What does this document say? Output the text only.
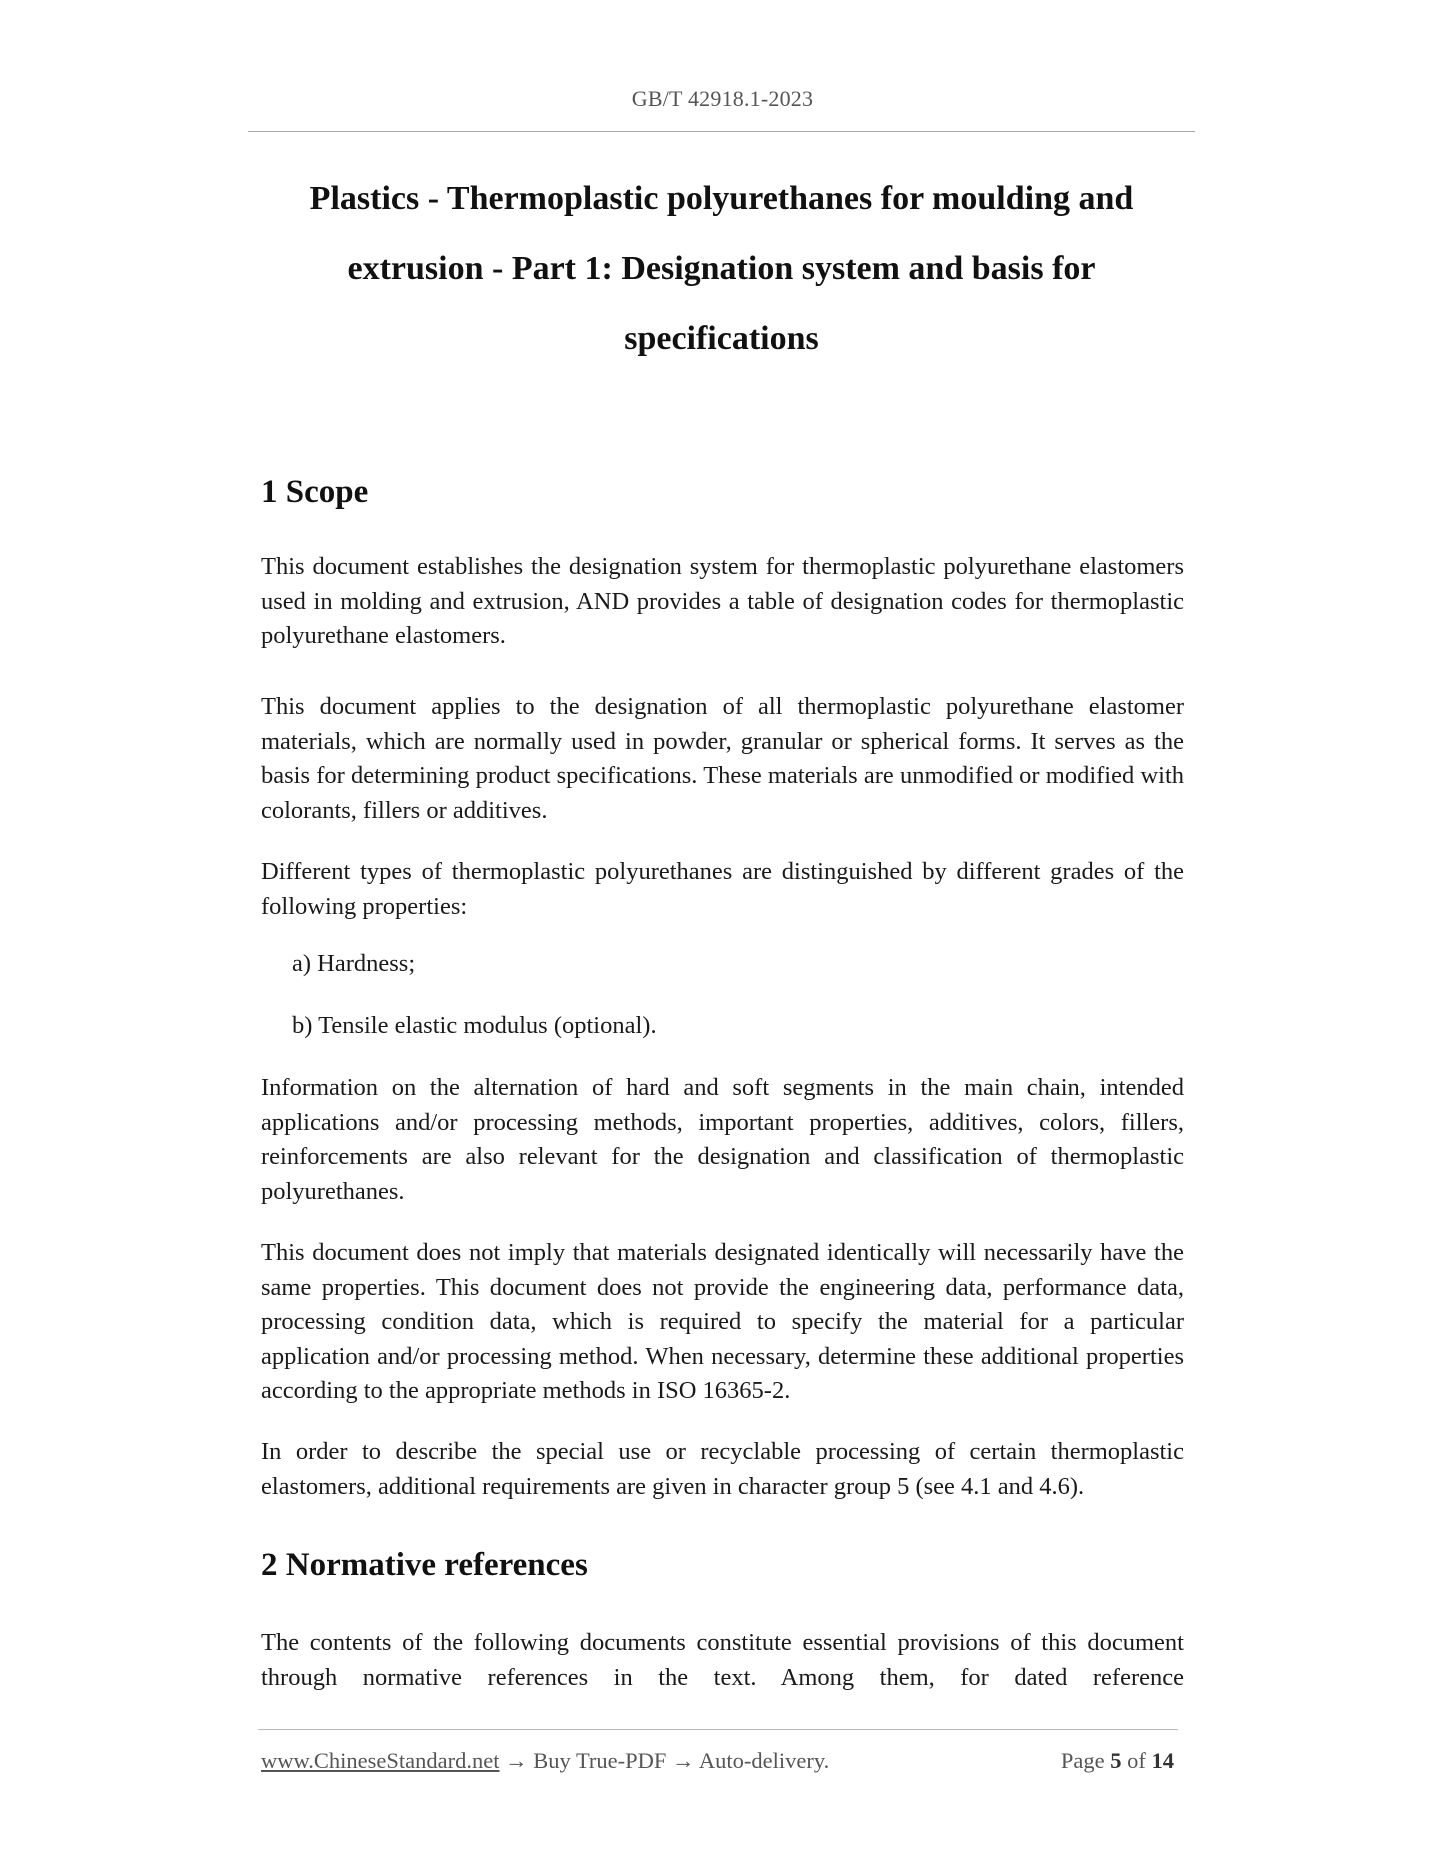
GB/T 42918.1-2023
Plastics - Thermoplastic polyurethanes for moulding and extrusion - Part 1: Designation system and basis for specifications
1 Scope

This document establishes the designation system for thermoplastic polyurethane elastomers used in molding and extrusion, AND provides a table of designation codes for thermoplastic polyurethane elastomers.

This document applies to the designation of all thermoplastic polyurethane elastomer materials, which are normally used in powder, granular or spherical forms. It serves as the basis for determining product specifications. These materials are unmodified or modified with colorants, fillers or additives.

Different types of thermoplastic polyurethanes are distinguished by different grades of the following properties:

a) Hardness;

b) Tensile elastic modulus (optional).

Information on the alternation of hard and soft segments in the main chain, intended applications and/or processing methods, important properties, additives, colors, fillers, reinforcements are also relevant for the designation and classification of thermoplastic polyurethanes.

This document does not imply that materials designated identically will necessarily have the same properties. This document does not provide the engineering data, performance data, processing condition data, which is required to specify the material for a particular application and/or processing method. When necessary, determine these additional properties according to the appropriate methods in ISO 16365-2.

In order to describe the special use or recyclable processing of certain thermoplastic elastomers, additional requirements are given in character group 5 (see 4.1 and 4.6).

2 Normative references

The contents of the following documents constitute essential provisions of this document through normative references in the text. Among them, for dated reference

www.ChineseStandard.net → Buy True-PDF → Auto-delivery.	Page 5 of 14
